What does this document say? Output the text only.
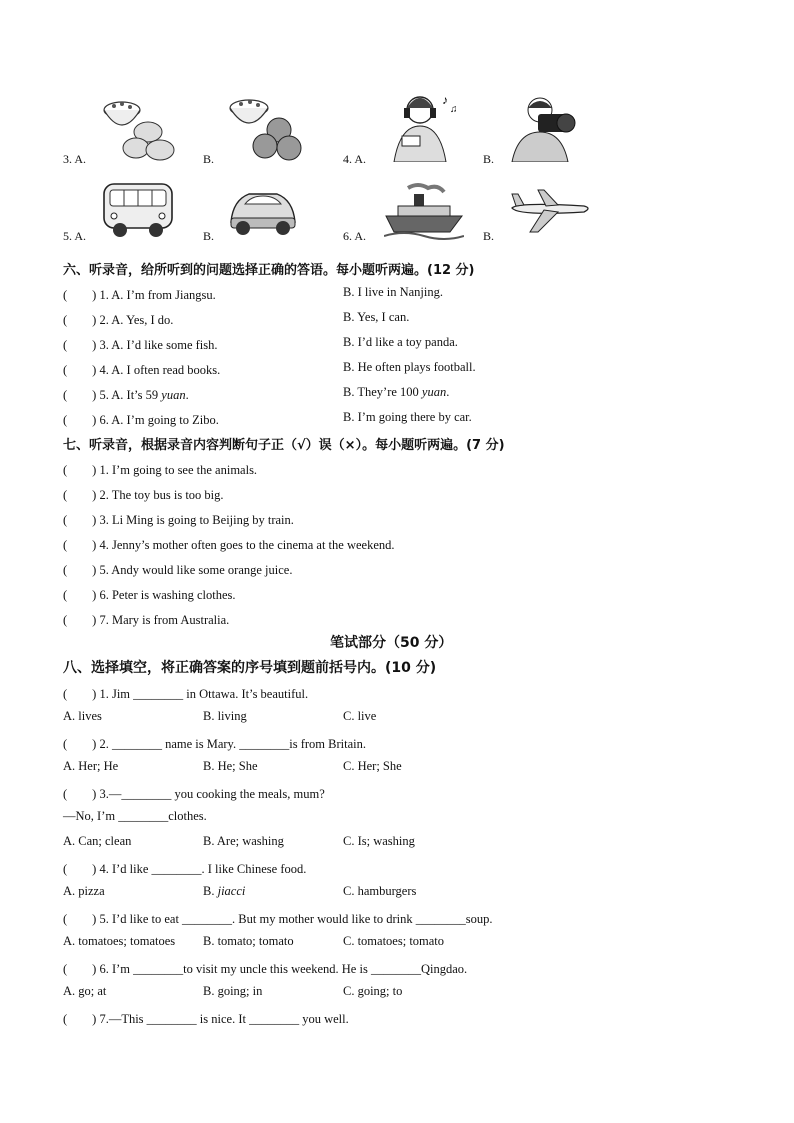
3. A.	B.	4. A.
♪
♫
B.
5. A.	B.	6. A.	B.
六、听录音，给所听到的问题选择正确的答语。每小题听两遍。(12 分)
(　　) 1. A. I’m from Jiangsu.	B. I live in Nanjing.
(　　) 2. A. Yes, I do.	B. Yes, I can.
(　　) 3. A. I’d like some fish.	B. I’d like a toy panda.
(　　) 4. A. I often read books.	B. He often plays football.
(　　) 5. A. It’s 59 yuan.	B. They’re 100 yuan.
(　　) 6. A. I’m going to Zibo.	B. I’m going there by car.
七、听录音，根据录音内容判断句子正（√）误（×）。每小题听两遍。(7 分)
(　　) 1. I’m going to see the animals.
(　　) 2. The toy bus is too big.
(　　) 3. Li Ming is going to Beijing by train.
(　　) 4. Jenny’s mother often goes to the cinema at the weekend.
(　　) 5. Andy would like some orange juice.
(　　) 6. Peter is washing clothes.
(　　) 7. Mary is from Australia.
笔试部分（50 分）
八、选择填空，将正确答案的序号填到题前括号内。(10 分)
(　　) 1. Jim ________ in Ottawa. It’s beautiful.
A. lives	B. living	C. live
(　　) 2. ________ name is Mary. ________is from Britain.
A. Her; He	B. He; She	C. Her; She
(　　) 3.—________ you cooking the meals, mum?
—No, I’m ________clothes.
A. Can; clean	B. Are; washing	C. Is; washing
(　　) 4. I’d like ________. I like Chinese food.
A. pizza	B. jiacci	C. hamburgers
(　　) 5. I’d like to eat ________. But my mother would like to drink ________soup.
A. tomatoes; tomatoes B. tomato; tomato	C. tomatoes; tomato
(　　) 6. I’m ________to visit my uncle this weekend. He is ________Qingdao.
A. go; at	B. going; in	C. going; to
(　　) 7.—This ________ is nice. It ________ you well.
